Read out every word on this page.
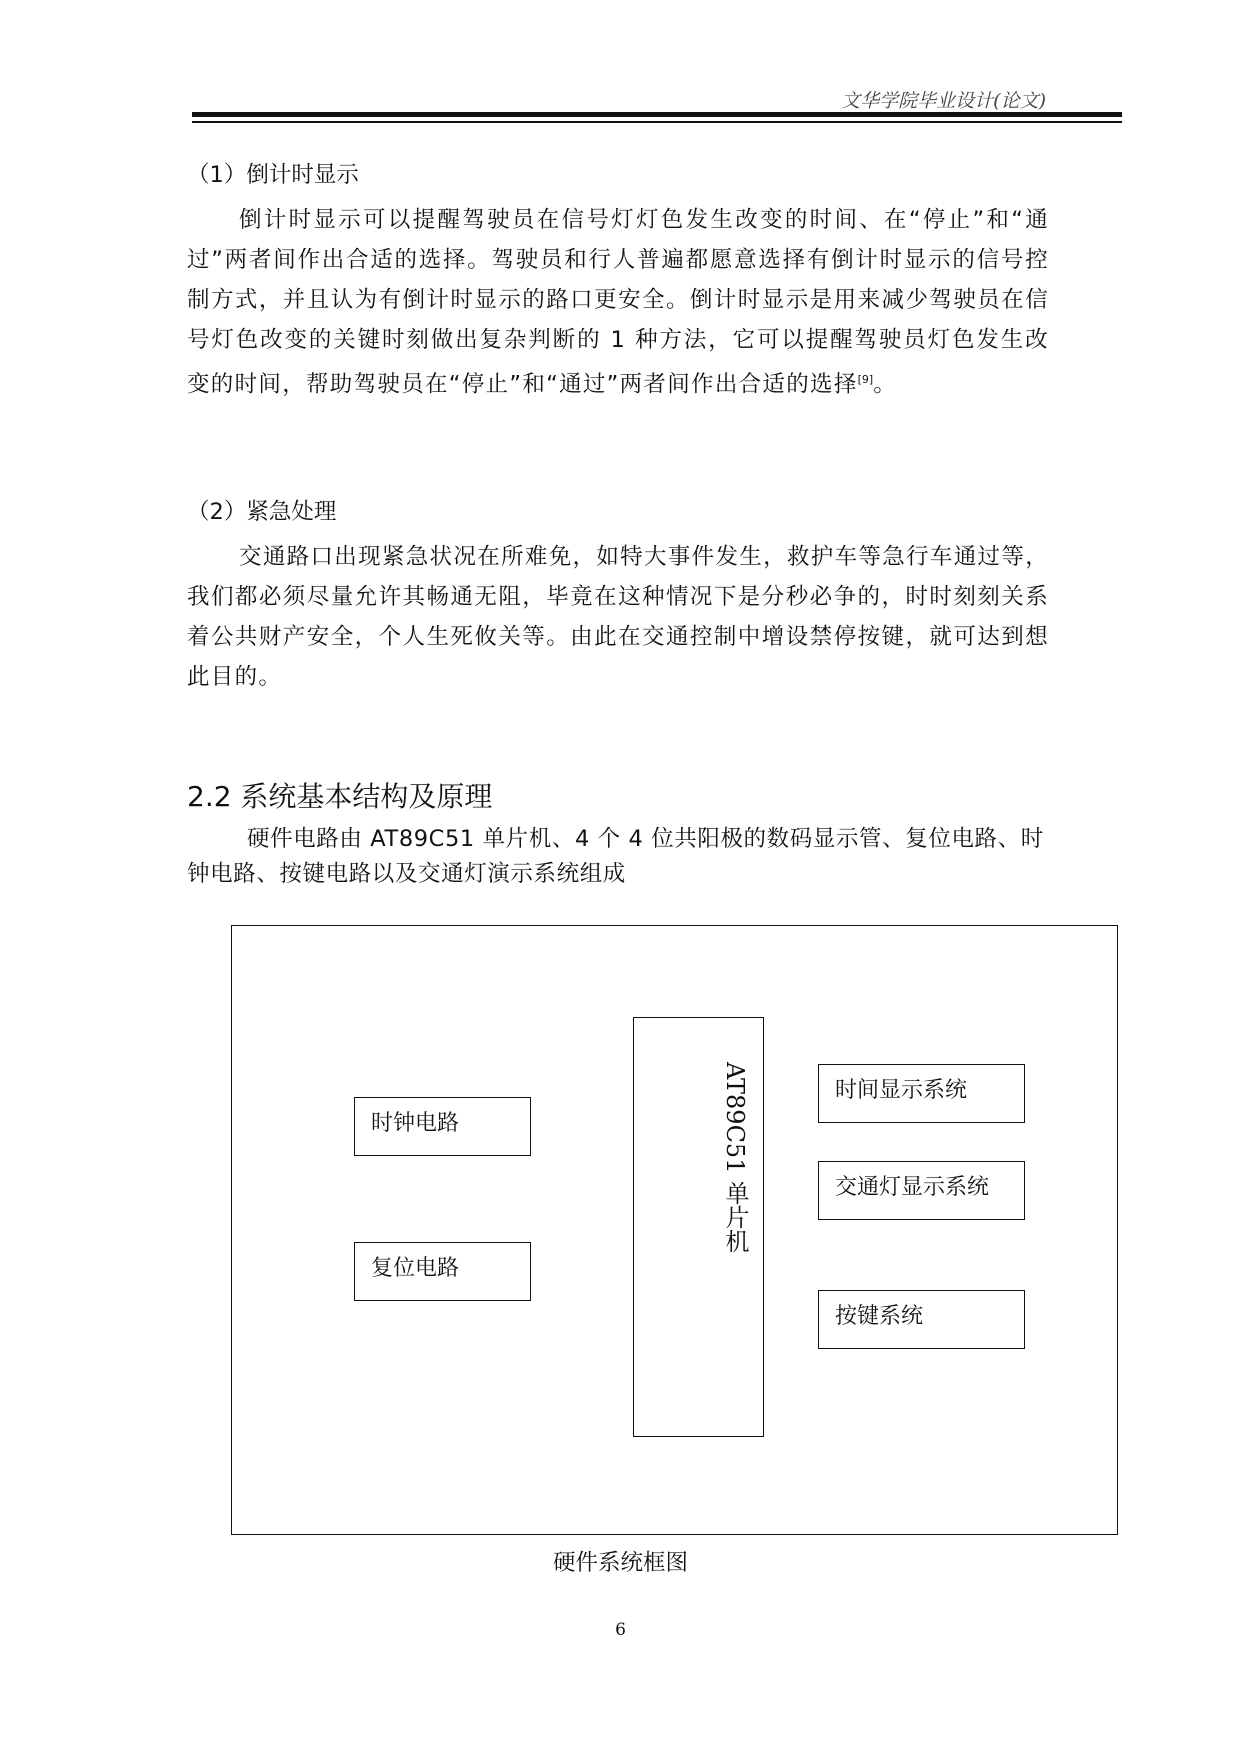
文华学院毕业设计(论文)

（1）倒计时显示

倒计时显示可以提醒驾驶员在信号灯灯色发生改变的时间、在“停止”和“通过”两者间作出合适的选择。驾驶员和行人普遍都愿意选择有倒计时显示的信号控制方式，并且认为有倒计时显示的路口更安全。倒计时显示是用来减少驾驶员在信号灯色改变的关键时刻做出复杂判断的 1 种方法，它可以提醒驾驶员灯色发生改变的时间，帮助驾驶员在“停止”和“通过”两者间作出合适的选择[9]。

（2）紧急处理

交通路口出现紧急状况在所难免，如特大事件发生，救护车等急行车通过等，我们都必须尽量允许其畅通无阻，毕竟在这种情况下是分秒必争的，时时刻刻关系着公共财产安全，个人生死攸关等。由此在交通控制中增设禁停按键，就可达到想此目的。

2.2 系统基本结构及原理

硬件电路由 AT89C51 单片机、4 个 4 位共阳极的数码显示管、复位电路、时钟电路、按键电路以及交通灯演示系统组成

时钟电路
复位电路
AT89C51 单片机	时间显示系统
交通灯显示系统
按键系统
硬件系统框图
6
